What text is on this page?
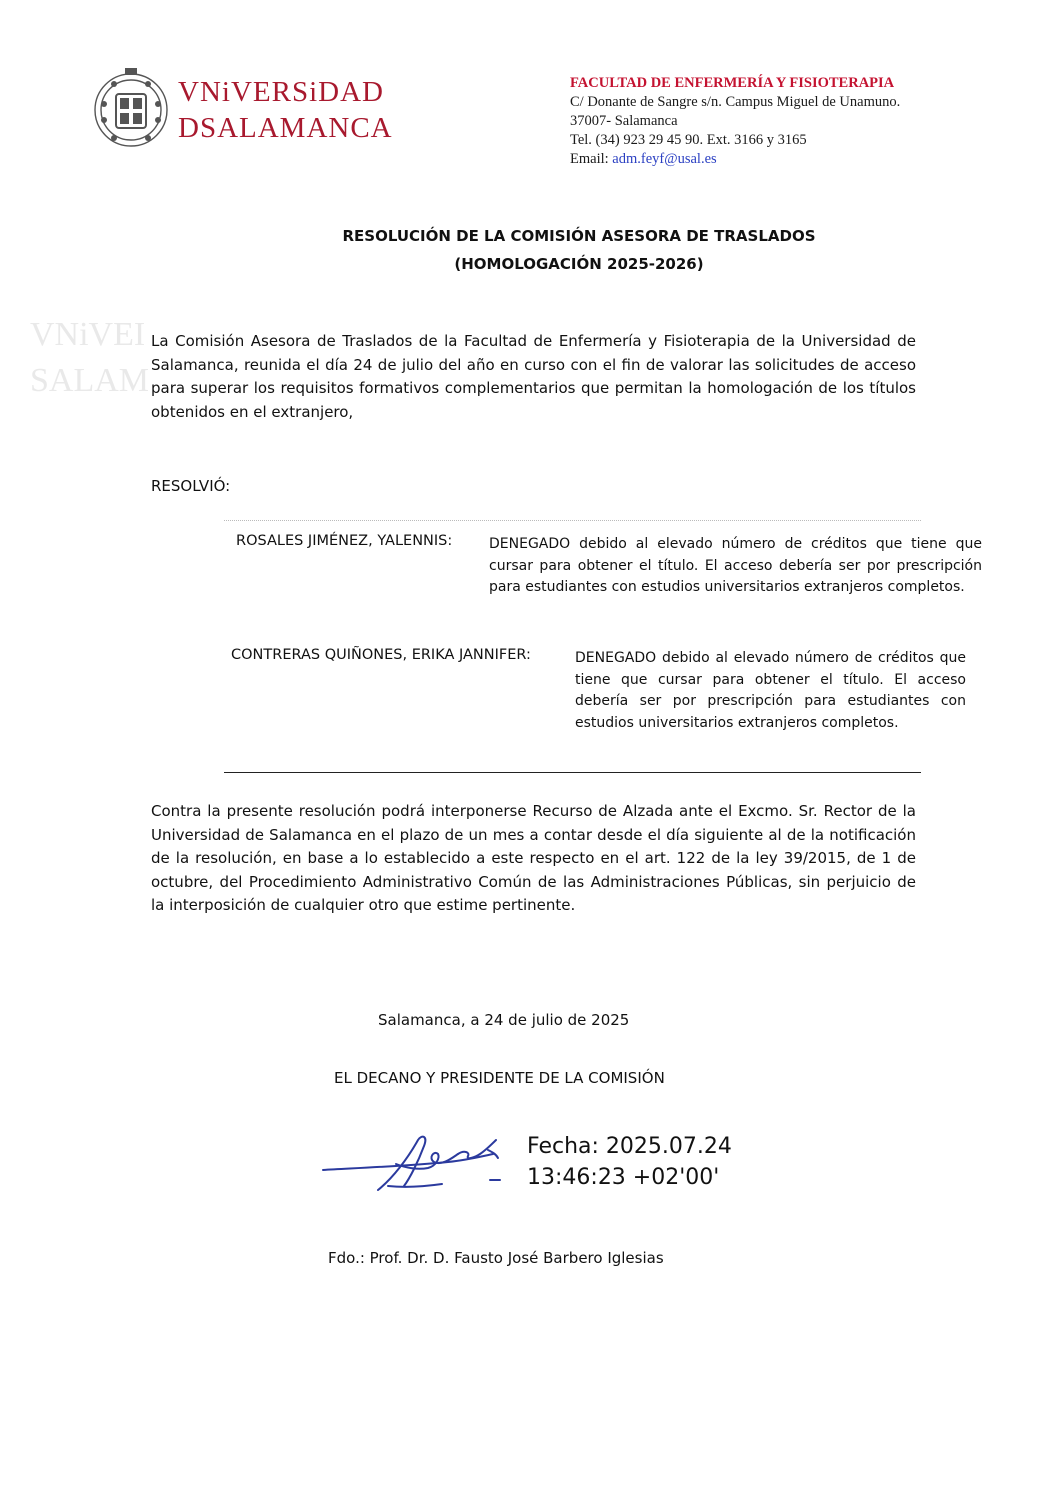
VNiVERSiDAD
DSALAMANCA
FACULTAD DE ENFERMERÍA Y FISIOTERAPIA
C/ Donante de Sangre s/n. Campus Miguel de Unamuno.
37007- Salamanca
Tel. (34) 923 29 45 90. Ext. 3166 y 3165
Email: adm.feyf@usal.es
RESOLUCIÓN DE LA COMISIÓN ASESORA DE TRASLADOS
(HOMOLOGACIÓN 2025-2026)
VNiVEI
SALAM
La Comisión Asesora de Traslados de la Facultad de Enfermería y Fisioterapia de la Universidad de Salamanca, reunida el día 24 de julio del año en curso con el fin de valorar las solicitudes de acceso para superar los requisitos formativos complementarios que permitan la homologación de los títulos obtenidos en el extranjero,
RESOLVIÓ:
ROSALES JIMÉNEZ, YALENNIS:	DENEGADO debido al elevado número de créditos que tiene que cursar para obtener el título. El acceso debería ser por prescripción para estudiantes con estudios universitarios extranjeros completos.
CONTRERAS QUIÑONES, ERIKA JANNIFER:	DENEGADO debido al elevado número de créditos que tiene que cursar para obtener el título. El acceso debería ser por prescripción para estudiantes con estudios universitarios extranjeros completos.
Contra la presente resolución podrá interponerse Recurso de Alzada ante el Excmo. Sr. Rector de la Universidad de Salamanca en el plazo de un mes a contar desde el día siguiente al de la notificación de la resolución, en base a lo establecido a este respecto en el art. 122 de la ley 39/2015, de 1 de octubre, del Procedimiento Administrativo Común de las Administraciones Públicas, sin perjuicio de la interposición de cualquier otro que estime pertinente.
Salamanca, a 24 de julio de 2025
EL DECANO Y PRESIDENTE DE LA COMISIÓN
Fecha: 2025.07.24
13:46:23 +02'00'
Fdo.: Prof. Dr. D. Fausto José Barbero Iglesias
